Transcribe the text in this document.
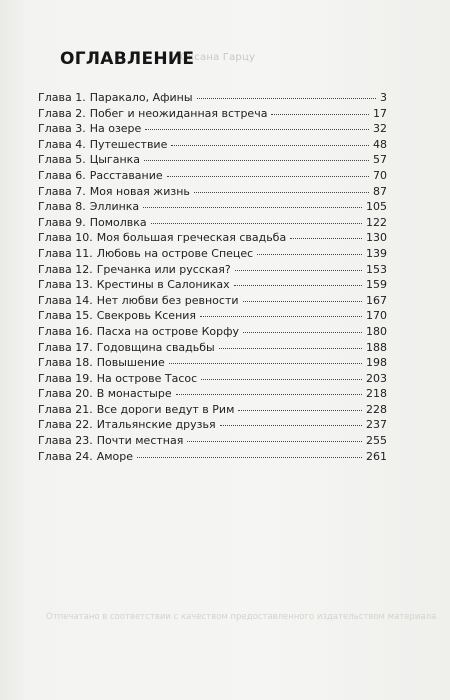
Оксана Гарцу
ОГЛАВЛЕНИЕ
Глава 1. Паракало, Афины	3
Глава 2. Побег и неожиданная встреча	17
Глава 3. На озере	32
Глава 4. Путешествие	48
Глава 5. Цыганка	57
Глава 6. Расставание	70
Глава 7. Моя новая жизнь	87
Глава 8. Эллинка	105
Глава 9. Помолвка	122
Глава 10. Моя большая греческая свадьба	130
Глава 11. Любовь на острове Спецес	139
Глава 12. Гречанка или русская?	153
Глава 13. Крестины в Салониках	159
Глава 14. Нет любви без ревности	167
Глава 15. Свекровь Ксения	170
Глава 16. Пасха на острове Корфу	180
Глава 17. Годовщина свадьбы	188
Глава 18. Повышение	198
Глава 19. На острове Тасос	203
Глава 20. В монастыре	218
Глава 21. Все дороги ведут в Рим	228
Глава 22. Итальянские друзья	237
Глава 23. Почти местная	255
Глава 24. Аморе	261
Отпечатано в соответствии с качеством предоставленного издательством материала
